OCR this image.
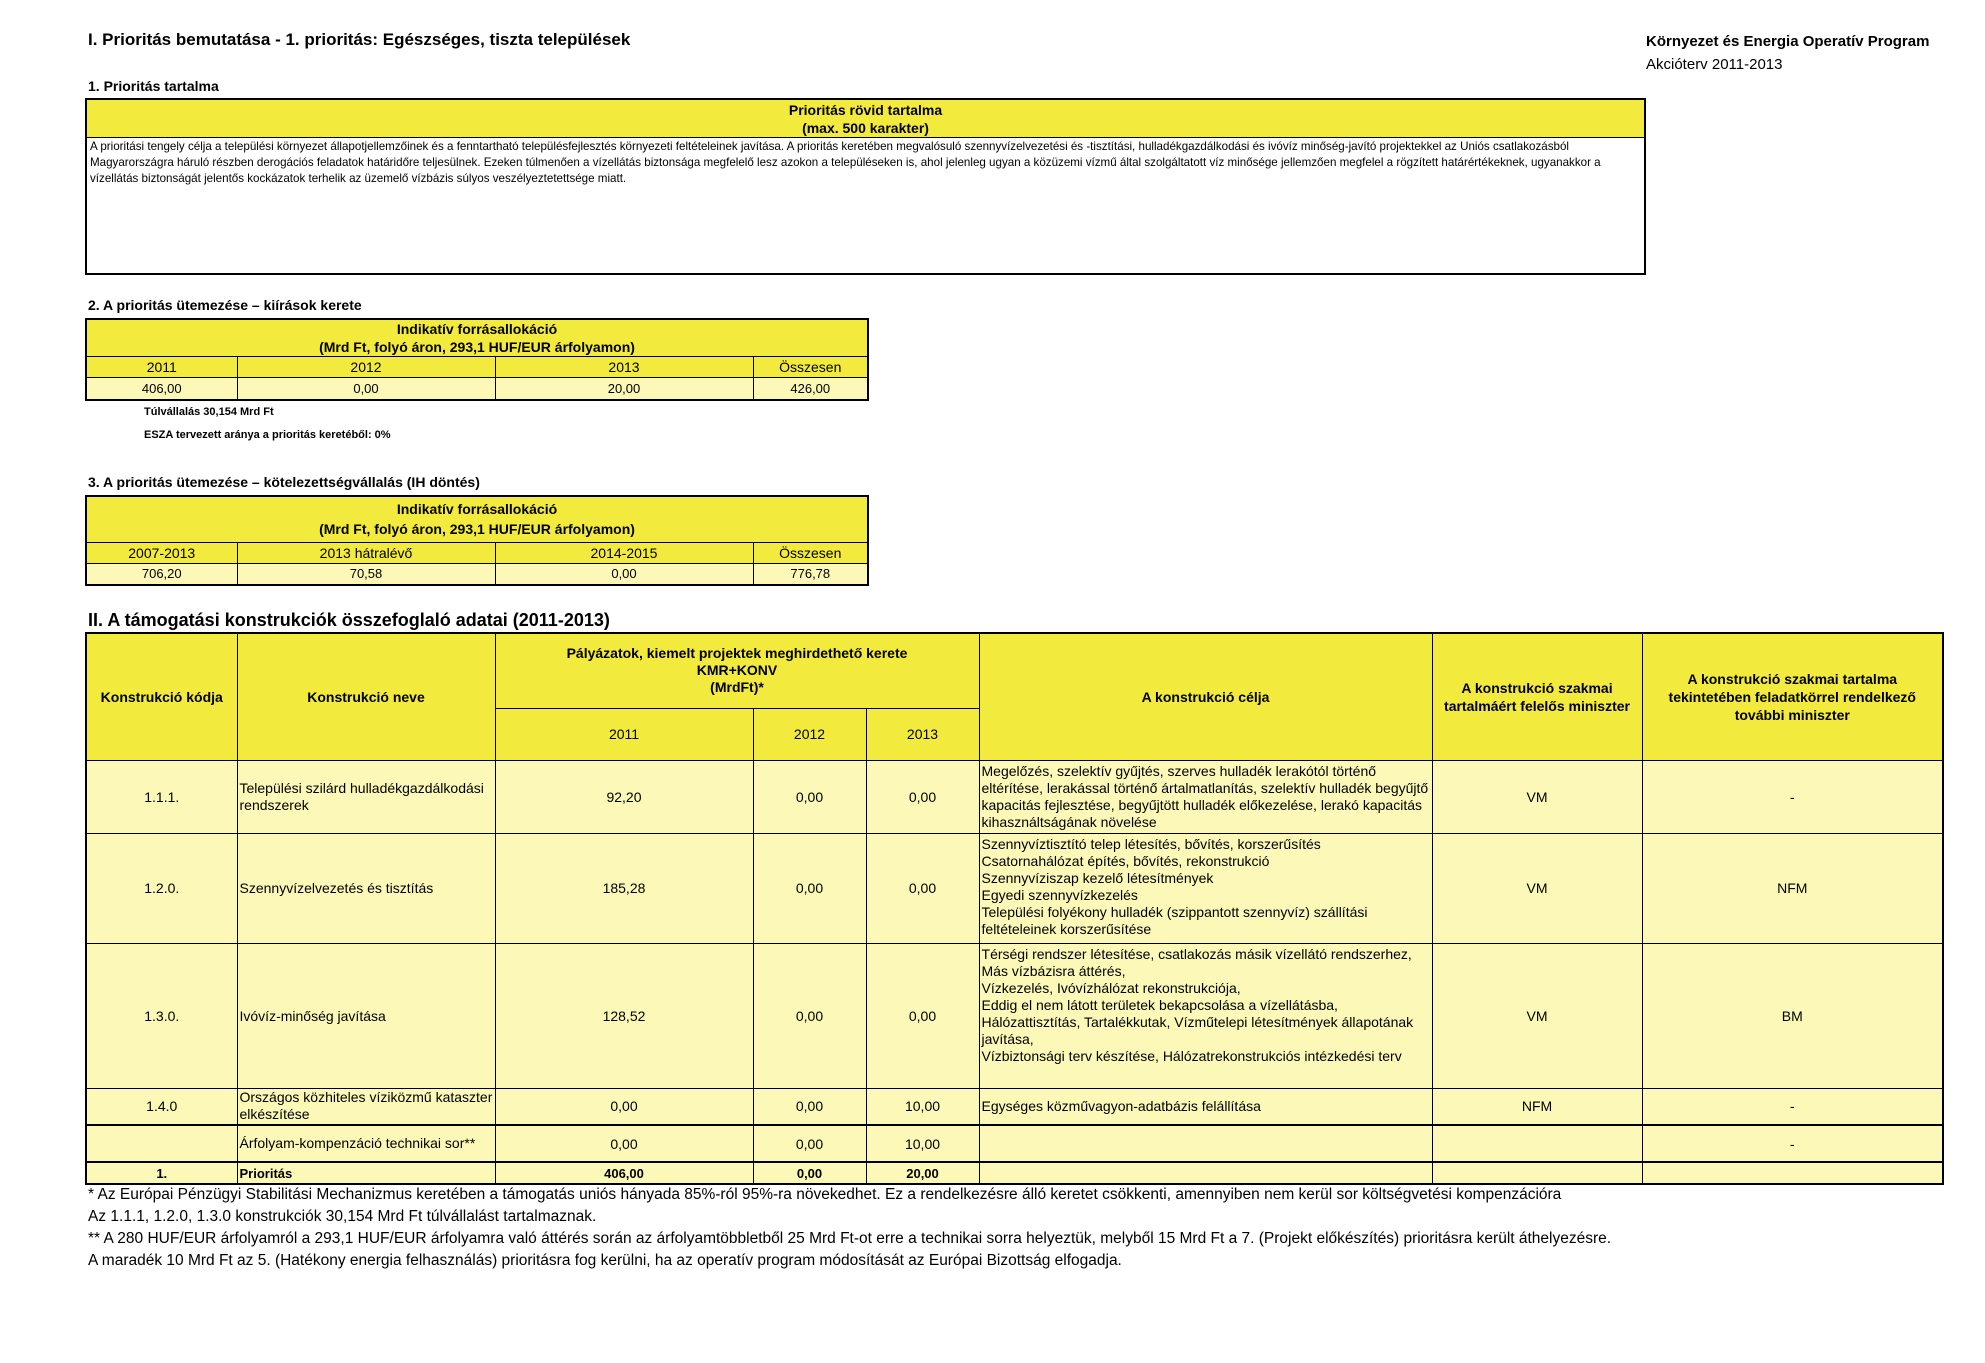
I. Prioritás bemutatása - 1. prioritás: Egészséges, tiszta települések	Környezet és Energia Operatív Program
Akcióterv 2011-2013
1. Prioritás tartalma
Prioritás rövid tartalma
(max. 500 karakter)
A prioritási tengely célja a települési környezet állapotjellemzőinek és a fenntartható településfejlesztés környezeti feltételeinek javítása. A prioritás keretében megvalósuló szennyvízelvezetési és -tisztítási, hulladékgazdálkodási és ivóvíz minőség-javító projektekkel az Uniós csatlakozásból Magyarországra háruló részben derogációs feladatok határidőre teljesülnek. Ezeken túlmenően a vízellátás biztonsága megfelelő lesz azokon a településeken is, ahol jelenleg ugyan a közüzemi vízmű által szolgáltatott víz minősége jellemzően megfelel a rögzített határértékeknek, ugyanakkor a vízellátás biztonságát jelentős kockázatok terhelik az üzemelő vízbázis súlyos veszélyeztetettsége miatt.
2. A prioritás ütemezése – kiírások kerete
Indikatív forrásallokáció
(Mrd Ft, folyó áron, 293,1 HUF/EUR árfolyamon)			

2011	2012	2013	Összesen
406,00	0,00	20,00	426,00
Túlvállalás 30,154 Mrd Ft
ESZA tervezett aránya a prioritás keretéből: 0%
3. A prioritás ütemezése – kötelezettségvállalás (IH döntés)
Indikatív forrásallokáció
(Mrd Ft, folyó áron, 293,1 HUF/EUR árfolyamon)			

2007-2013	2013 hátralévő	2014-2015	Összesen
706,20	70,58	0,00	776,78
II. A támogatási konstrukciók összefoglaló adatai (2011-2013)
Konstrukció kódja	Konstrukció neve	Pályázatok, kiemelt projektek meghirdethető kerete
KMR+KONV
(MrdFt)*			A konstrukció célja	A konstrukció szakmai tartalmáért felelős miniszter	A konstrukció szakmai tartalma tekintetében feladatkörrel rendelkező további miniszter
		2011	2012	2013			
1.1.1.	Települési szilárd hulladékgazdálkodási rendszerek	92,20	0,00	0,00	Megelőzés, szelektív gyűjtés, szerves hulladék lerakótól történő eltérítése, lerakással történő ártalmatlanítás, szelektív hulladék begyűjtő kapacitás fejlesztése, begyűjtött hulladék előkezelése, lerakó kapacitás kihasználtságának növelése	VM	-
1.2.0.	Szennyvízelvezetés és tisztítás	185,28	0,00	0,00	Szennyvíztisztító telep létesítés, bővítés, korszerűsítés
Csatornahálózat építés, bővítés, rekonstrukció
Szennyvíziszap kezelő létesítmények
Egyedi szennyvízkezelés
Települési folyékony hulladék (szippantott szennyvíz) szállítási feltételeinek korszerűsítése	VM	NFM
1.3.0.	Ivóvíz-minőség javítása	128,52	0,00	0,00	Térségi rendszer létesítése, csatlakozás másik vízellátó rendszerhez, Más vízbázisra áttérés,
Vízkezelés, Ivóvízhálózat rekonstrukciója,
Eddig el nem látott területek bekapcsolása a vízellátásba,
Hálózattisztítás, Tartalékkutak, Vízműtelepi létesítmények állapotának javítása,
Vízbiztonsági terv készítése, Hálózatrekonstrukciós intézkedési terv	VM	BM
1.4.0	Országos közhiteles víziközmű kataszter elkészítése	0,00	0,00	10,00	Egységes közművagyon-adatbázis felállítása	NFM	-
	Árfolyam-kompenzáció technikai sor**	0,00	0,00	10,00			-
1.	Prioritás	406,00	0,00	20,00			
* Az Európai Pénzügyi Stabilitási Mechanizmus keretében a támogatás uniós hányada 85%-ról 95%-ra növekedhet. Ez a rendelkezésre álló keretet csökkenti, amennyiben nem kerül sor költségvetési kompenzációra
Az 1.1.1, 1.2.0, 1.3.0 konstrukciók 30,154 Mrd Ft túlvállalást tartalmaznak.
** A 280 HUF/EUR árfolyamról a 293,1 HUF/EUR árfolyamra való áttérés során az árfolyamtöbbletből 25 Mrd Ft-ot erre a technikai sorra helyeztük, melyből 15 Mrd Ft a 7. (Projekt előkészítés) prioritásra került áthelyezésre.
A maradék 10 Mrd Ft az 5. (Hatékony energia felhasználás) prioritásra fog kerülni, ha az operatív program módosítását az Európai Bizottság elfogadja.
